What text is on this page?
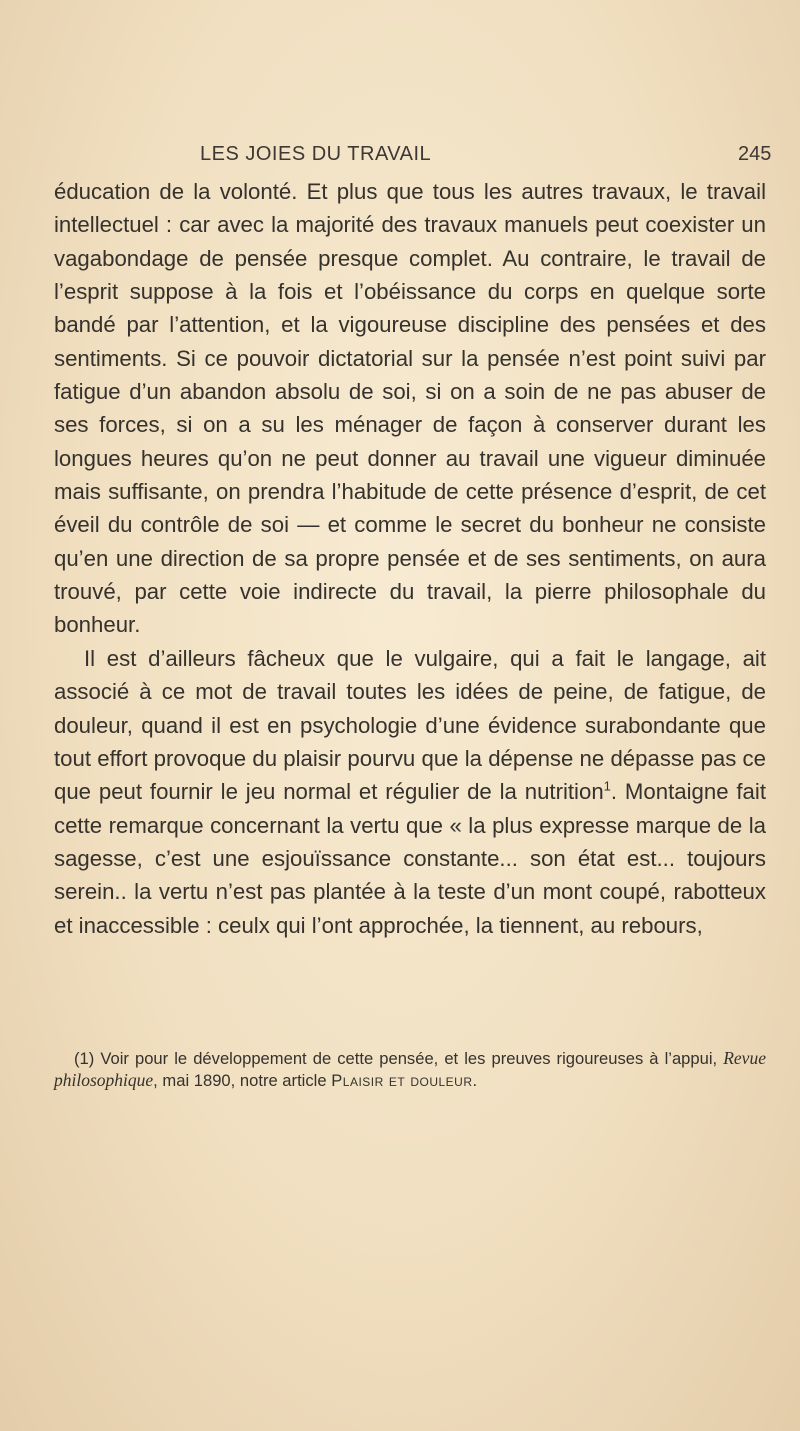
LES JOIES DU TRAVAIL	245

éducation de la volonté. Et plus que tous les autres travaux, le travail intellectuel : car avec la majorité des travaux manuels peut coexister un vagabondage de pensée presque complet. Au contraire, le travail de l’esprit suppose à la fois et l’obéissance du corps en quelque sorte bandé par l’attention, et la vigoureuse discipline des pensées et des sentiments. Si ce pouvoir dictatorial sur la pensée n’est point suivi par fatigue d’un abandon absolu de soi, si on a soin de ne pas abuser de ses forces, si on a su les ménager de façon à conserver durant les longues heures qu’on ne peut donner au travail une vigueur diminuée mais suffisante, on prendra l’habitude de cette présence d’esprit, de cet éveil du contrôle de soi — et comme le secret du bonheur ne consiste qu’en une direction de sa propre pensée et de ses sentiments, on aura trouvé, par cette voie indirecte du travail, la pierre philosophale du bonheur.

Il est d’ailleurs fâcheux que le vulgaire, qui a fait le langage, ait associé à ce mot de travail toutes les idées de peine, de fatigue, de douleur, quand il est en psychologie d’une évidence surabondante que tout effort provoque du plaisir pourvu que la dépense ne dépasse pas ce que peut fournir le jeu normal et régulier de la nutrition$^1$. Montaigne fait cette remarque concernant la vertu que « la plus expresse marque de la sagesse, c’est une esjouïssance constante... son état est... toujours serein.. la vertu n’est pas plantée à la teste d’un mont coupé, rabotteux et inaccessible : ceulx qui l’ont approchée, la tiennent, au rebours,

(1) Voir pour le développement de cette pensée, et les preuves rigoureuses à l’appui, Revue philosophique, mai 1890, notre article Plaisir et douleur.
